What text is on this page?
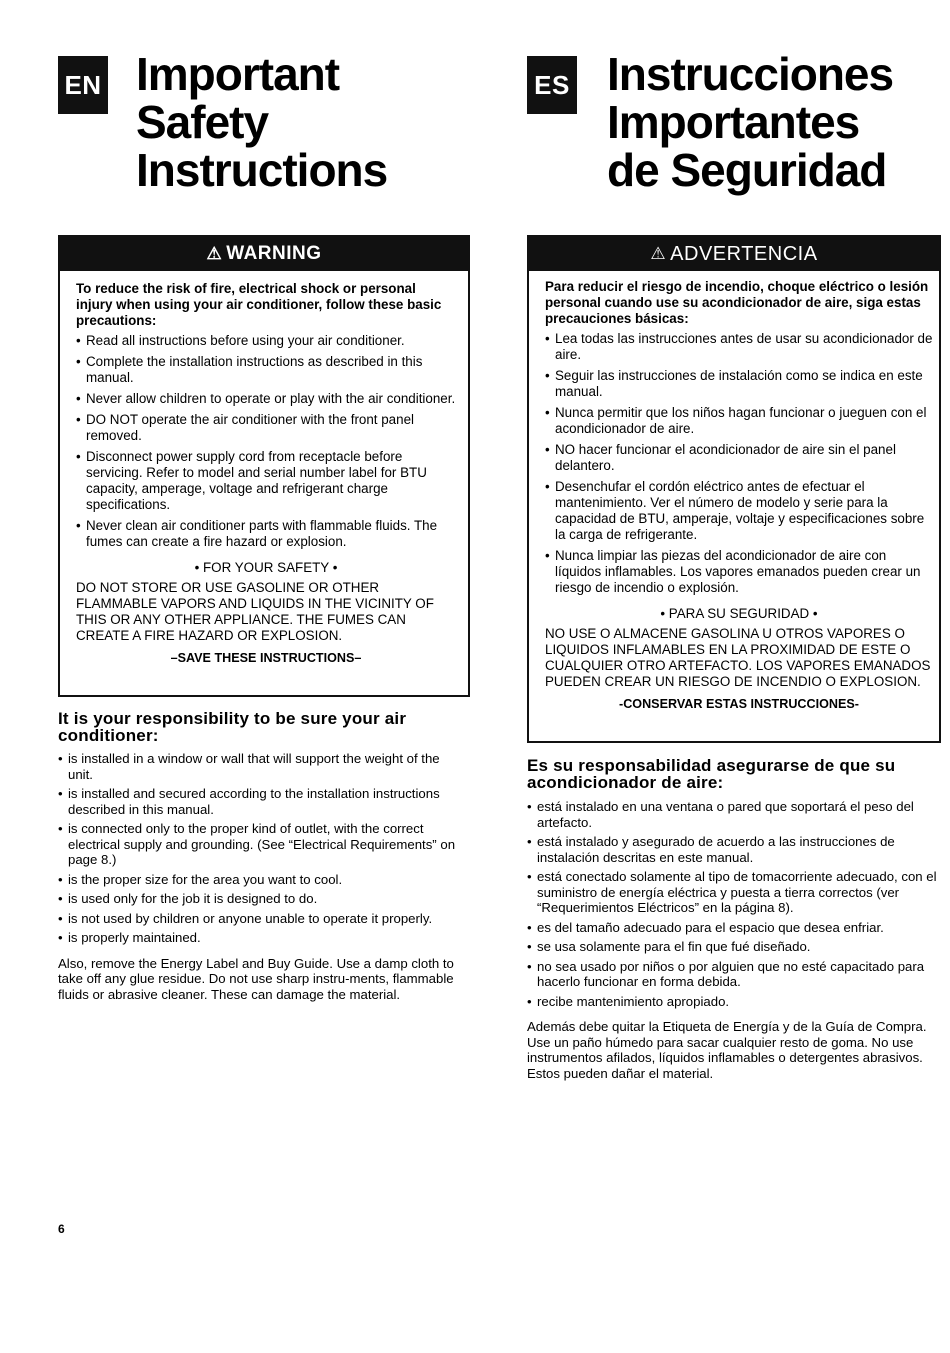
EN Important
Safety
Instructions
⚠ WARNING

To reduce the risk of fire, electrical shock or personal injury when using your air conditioner, follow these basic precautions:

• Read all instructions before using your air conditioner.
• Complete the installation instructions as described in this manual.
• Never allow children to operate or play with the air conditioner.
• DO NOT operate the air conditioner with the front panel removed.
• Disconnect power supply cord from receptacle before servicing. Refer to model and serial number label for BTU capacity, amperage, voltage and refrigerant charge specifications.
• Never clean air conditioner parts with flammable fluids. The fumes can create a fire hazard or explosion.
• FOR YOUR SAFETY •

DO NOT STORE OR USE GASOLINE OR OTHER FLAMMABLE VAPORS AND LIQUIDS IN THE VICINITY OF THIS OR ANY OTHER APPLIANCE. THE FUMES CAN CREATE A FIRE HAZARD OR EXPLOSION.

–SAVE THESE INSTRUCTIONS–
It is your responsibility to be sure your air conditioner:
• is installed in a window or wall that will support the weight of the unit.
• is installed and secured according to the installation instructions described in this manual.
• is connected only to the proper kind of outlet, with the correct electrical supply and grounding. (See “Electrical Requirements” on page 8.)
• is the proper size for the area you want to cool.
• is used only for the job it is designed to do.
• is not used by children or anyone unable to operate it properly.
• is properly maintained.

Also, remove the Energy Label and Buy Guide. Use a damp cloth to take off any glue residue. Do not use sharp instru-ments, flammable fluids or abrasive cleaner. These can damage the material.

ES Instrucciones
Importantes
de Seguridad
⚠ ADVERTENCIA

Para reducir el riesgo de incendio, choque eléctrico o lesión personal cuando use su acondicionador de aire, siga estas precauciones básicas:

• Lea todas las instrucciones antes de usar su acondicionador de aire.
• Seguir las instrucciones de instalación como se indica en este manual.
• Nunca permitir que los niños hagan funcionar o jueguen con el acondicionador de aire.
• NO hacer funcionar el acondicionador de aire sin el panel delantero.
• Desenchufar el cordón eléctrico antes de efectuar el mantenimiento. Ver el número de modelo y serie para la capacidad de BTU, amperaje, voltaje y especificaciones sobre la carga de refrigerante.
• Nunca limpiar las piezas del acondicionador de aire con líquidos inflamables. Los vapores emanados pueden crear un riesgo de incendio o explosión.
• PARA SU SEGURIDAD •

NO USE O ALMACENE GASOLINA U OTROS VAPORES O LIQUIDOS INFLAMABLES EN LA PROXIMIDAD DE ESTE O CUALQUIER OTRO ARTEFACTO. LOS VAPORES EMANADOS PUEDEN CREAR UN RIESGO DE INCENDIO O EXPLOSION.

-CONSERVAR ESTAS INSTRUCCIONES-
Es su responsabilidad asegurarse de que su acondicionador de aire:
• está instalado en una ventana o pared que soportará el peso del artefacto.
• está instalado y asegurado de acuerdo a las instrucciones de instalación descritas en este manual.
• está conectado solamente al tipo de tomacorriente adecuado, con el suministro de energía eléctrica y puesta a tierra correctos (ver “Requerimientos Eléctricos” en la página 8).
• es del tamaño adecuado para el espacio que desea enfriar.
• se usa solamente para el fin que fué diseñado.
• no sea usado por niños o por alguien que no esté capacitado para hacerlo funcionar en forma debida.
• recibe mantenimiento apropiado.

Además debe quitar la Etiqueta de Energía y de la Guía de Compra. Use un paño húmedo para sacar cualquier resto de goma. No use instrumentos afilados, líquidos inflamables o detergentes abrasivos. Estos pueden dañar el material.

6
